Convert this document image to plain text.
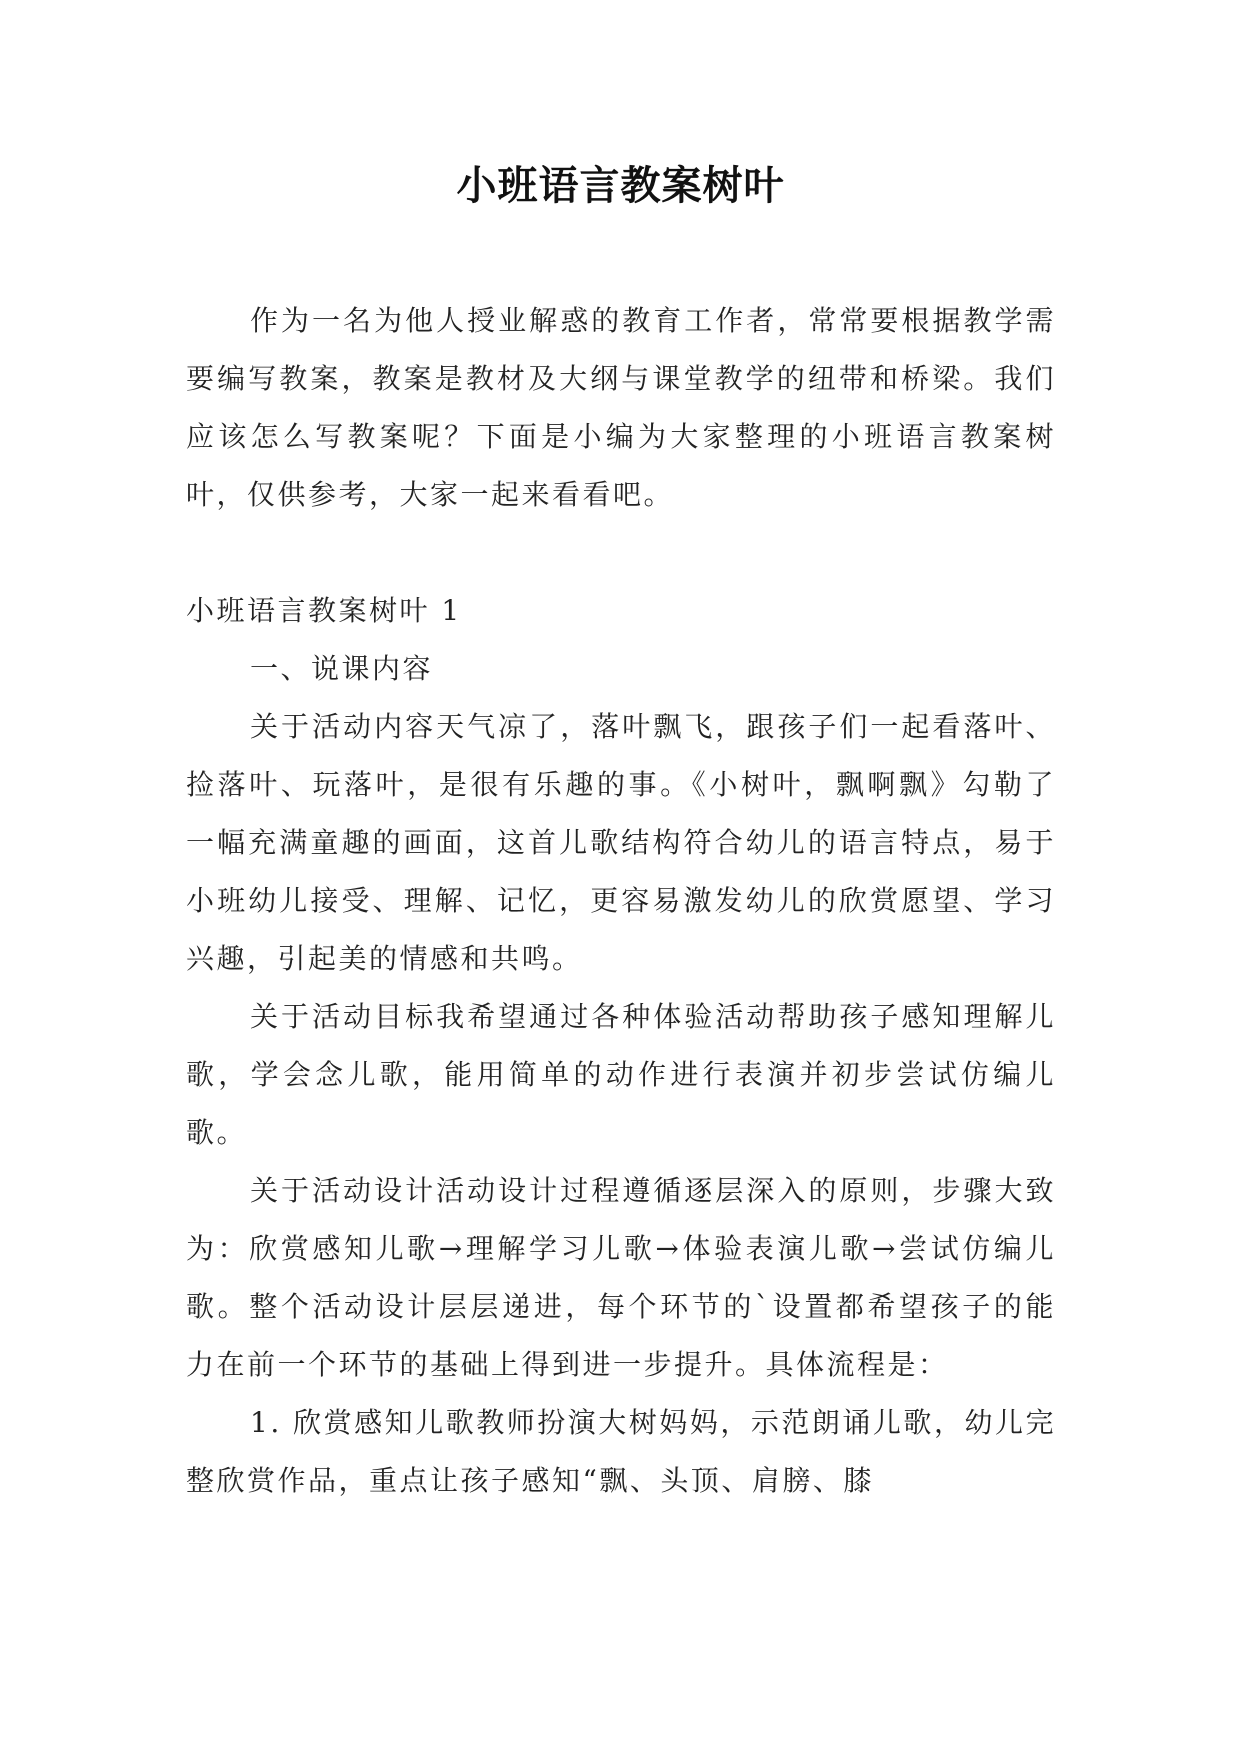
小班语言教案树叶

作为一名为他人授业解惑的教育工作者，常常要根据教学需要编写教案，教案是教材及大纲与课堂教学的纽带和桥梁。我们应该怎么写教案呢？下面是小编为大家整理的小班语言教案树叶，仅供参考，大家一起来看看吧。

小班语言教案树叶 1

一、说课内容

关于活动内容天气凉了，落叶飘飞，跟孩子们一起看落叶、捡落叶、玩落叶，是很有乐趣的事。《小树叶，飘啊飘》勾勒了一幅充满童趣的画面，这首儿歌结构符合幼儿的语言特点，易于小班幼儿接受、理解、记忆，更容易激发幼儿的欣赏愿望、学习兴趣，引起美的情感和共鸣。

关于活动目标我希望通过各种体验活动帮助孩子感知理解儿歌，学会念儿歌，能用简单的动作进行表演并初步尝试仿编儿歌。

关于活动设计活动设计过程遵循逐层深入的原则，步骤大致为：欣赏感知儿歌→理解学习儿歌→体验表演儿歌→尝试仿编儿歌。整个活动设计层层递进，每个环节的`设置都希望孩子的能力在前一个环节的基础上得到进一步提升。具体流程是：

1. 欣赏感知儿歌教师扮演大树妈妈，示范朗诵儿歌，幼儿完整欣赏作品，重点让孩子感知“飘、头顶、肩膀、膝
